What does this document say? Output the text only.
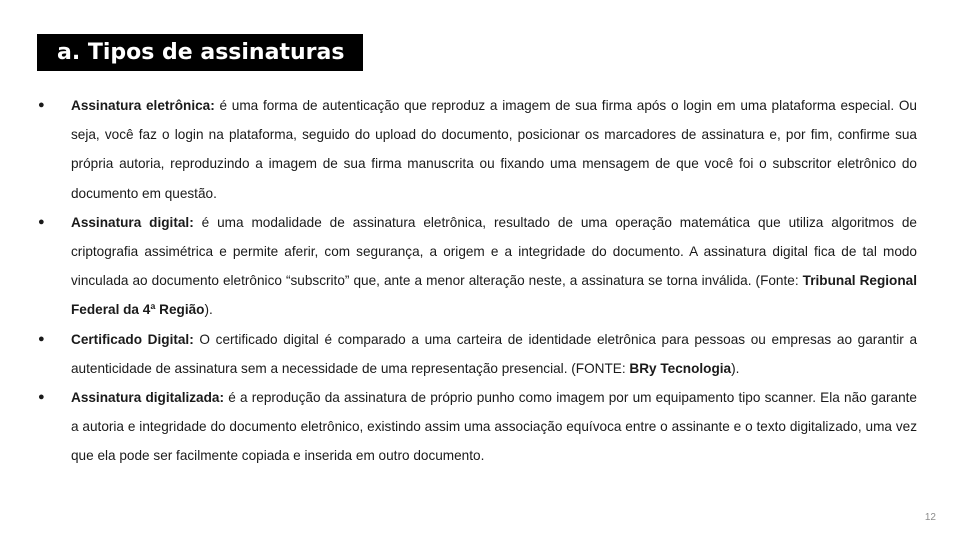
a. Tipos de assinaturas
● Assinatura eletrônica: é uma forma de autenticação que reproduz a imagem de sua firma após o login em uma plataforma especial. Ou seja, você faz o login na plataforma, seguido do upload do documento, posicionar os marcadores de assinatura e, por fim, confirme sua própria autoria, reproduzindo a imagem de sua firma manuscrita ou fixando uma mensagem de que você foi o subscritor eletrônico do documento em questão.
● Assinatura digital: é uma modalidade de assinatura eletrônica, resultado de uma operação matemática que utiliza algoritmos de criptografia assimétrica e permite aferir, com segurança, a origem e a integridade do documento. A assinatura digital fica de tal modo vinculada ao documento eletrônico “subscrito” que, ante a menor alteração neste, a assinatura se torna inválida. (Fonte: Tribunal Regional Federal da 4ª Região).
● Certificado Digital: O certificado digital é comparado a uma carteira de identidade eletrônica para pessoas ou empresas ao garantir a autenticidade de assinatura sem a necessidade de uma representação presencial. (FONTE: BRy Tecnologia).
● Assinatura digitalizada: é a reprodução da assinatura de próprio punho como imagem por um equipamento tipo scanner. Ela não garante a autoria e integridade do documento eletrônico, existindo assim uma associação equívoca entre o assinante e o texto digitalizado, uma vez que ela pode ser facilmente copiada e inserida em outro documento.
12
